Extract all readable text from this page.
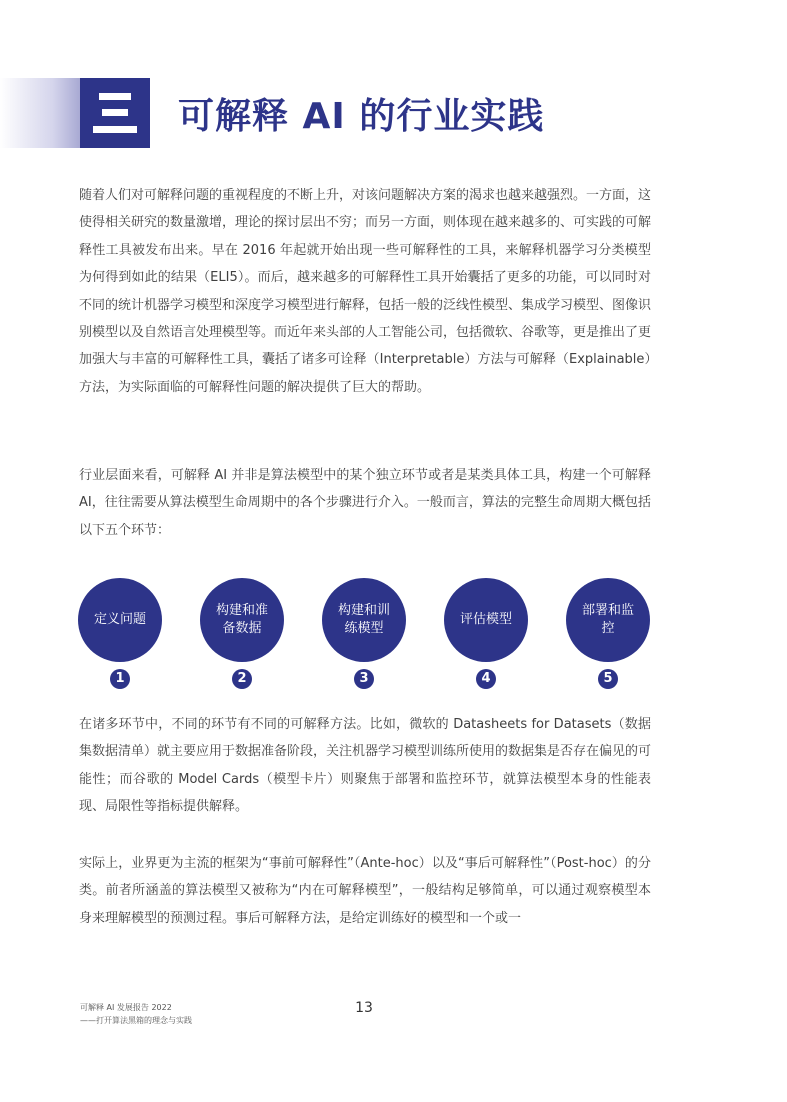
可解释 AI 的行业实践

随着人们对可解释问题的重视程度的不断上升，对该问题解决方案的渴求也越来越强烈。一方面，这使得相关研究的数量激增，理论的探讨层出不穷；而另一方面，则体现在越来越多的、可实践的可解释性工具被发布出来。早在 2016 年起就开始出现一些可解释性的工具，来解释机器学习分类模型为何得到如此的结果（ELI5）。而后，越来越多的可解释性工具开始囊括了更多的功能，可以同时对不同的统计机器学习模型和深度学习模型进行解释，包括一般的泛线性模型、集成学习模型、图像识别模型以及自然语言处理模型等。而近年来头部的人工智能公司，包括微软、谷歌等，更是推出了更加强大与丰富的可解释性工具，囊括了诸多可诠释（Interpretable）方法与可解释（Explainable）方法，为实际面临的可解释性问题的解决提供了巨大的帮助。

行业层面来看，可解释 AI 并非是算法模型中的某个独立环节或者是某类具体工具，构建一个可解释 AI，往往需要从算法模型生命周期中的各个步骤进行介入。一般而言，算法的完整生命周期大概包括以下五个环节：

定义问题
1
构建和准备数据
2
构建和训练模型
3
评估模型
4
部署和监控
5

在诸多环节中，不同的环节有不同的可解释方法。比如，微软的 Datasheets for Datasets（数据集数据清单）就主要应用于数据准备阶段，关注机器学习模型训练所使用的数据集是否存在偏见的可能性；而谷歌的 Model Cards（模型卡片）则聚焦于部署和监控环节，就算法模型本身的性能表现、局限性等指标提供解释。

实际上，业界更为主流的框架为“事前可解释性”（Ante-hoc）以及“事后可解释性”（Post-hoc）的分类。前者所涵盖的算法模型又被称为“内在可解释模型”，一般结构足够简单，可以通过观察模型本身来理解模型的预测过程。事后可解释方法，是给定训练好的模型和一个或一

可解释 AI 发展报告 2022
——打开算法黑箱的理念与实践
13
